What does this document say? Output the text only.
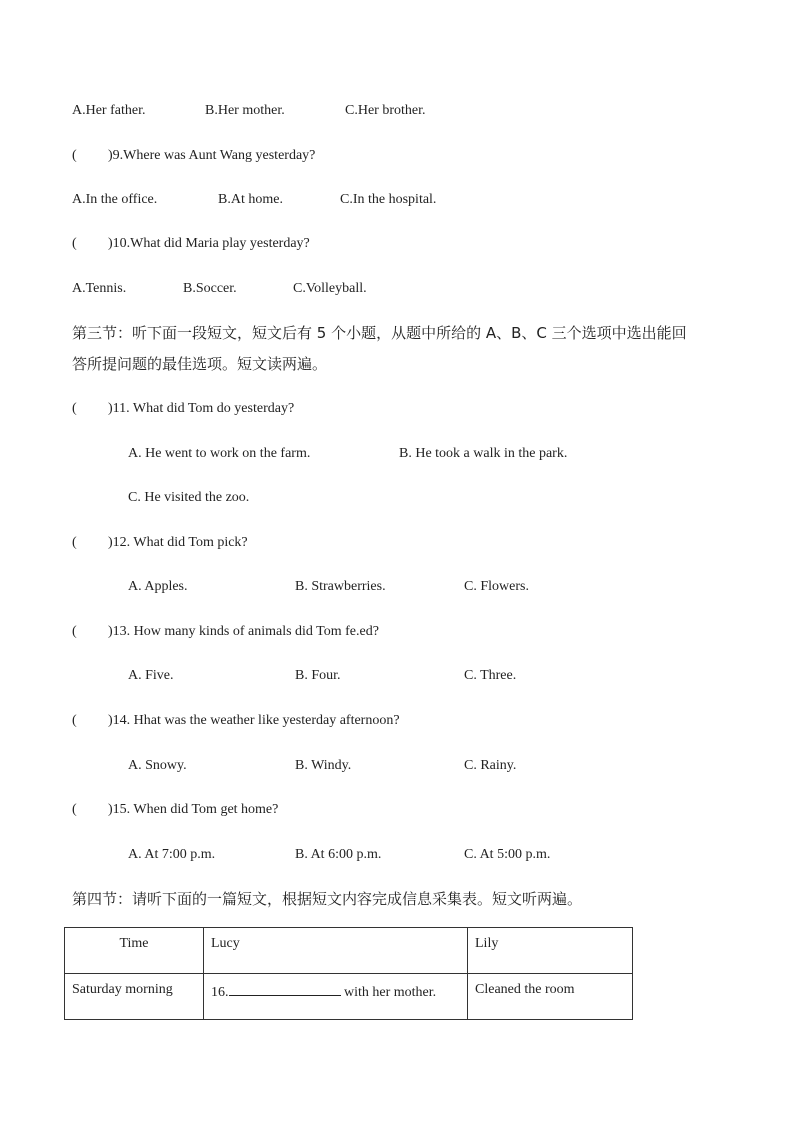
A.Her father.	B.Her mother.	C.Her brother.
( )9.Where was Aunt Wang yesterday?
A.In the office.	B.At home.	C.In the hospital.
( )10.What did Maria play yesterday?
A.Tennis.	B.Soccer.	C.Volleyball.
第三节：听下面一段短文，短文后有 5 个小题，从题中所给的 A、B、C 三个选项中选出能回
答所提问题的最佳选项。短文读两遍。
( )11. What did Tom do yesterday?
A. He went to work on the farm.	B. He took a walk in the park.
C. He visited the zoo.
( )12. What did Tom pick?
A. Apples.	B. Strawberries.	C. Flowers.
( )13. How many kinds of animals did Tom fe.ed?
A. Five.	B. Four.	C. Three.
( )14. Hhat was the weather like yesterday afternoon?
A. Snowy.	B. Windy.	C. Rainy.
( )15. When did Tom get home?
A. At 7:00 p.m.	B. At 6:00 p.m.	C. At 5:00 p.m.
第四节：请听下面的一篇短文，根据短文内容完成信息采集表。短文听两遍。
Time	Lucy	Lily
Saturday morning	16. with her mother.	Cleaned the room
